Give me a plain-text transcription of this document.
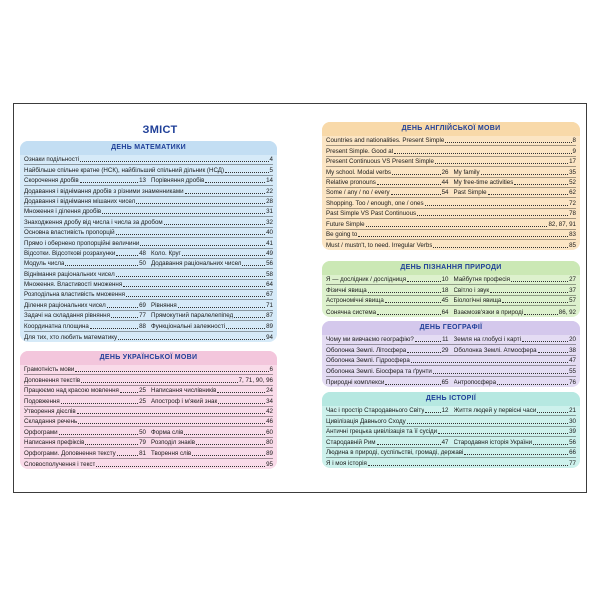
ЗМІСТ
ДЕНЬ МАТЕМАТИКИ
Ознаки подільності	4
Найбільше спільне кратне (НСК), найбільший спільний дільник (НСД)	5
Скорочення дробів	13 Порівняння дробів	14
Додавання і віднімання дробів з різними знаменниками	22
Додавання і віднімання мішаних чисел	28
Множення і ділення дробів	31
Знаходження дробу від числа і числа за дробом	32
Основна властивість пропорцій	40
Прямо і обернено пропорційні величини	41
Відсотки. Відсоткові розрахунки	48 Коло. Круг	49
Модуль числа	50 Додавання раціональних чисел	56
Віднімання раціональних чисел	58
Множення. Властивості множення	64
Розподільна властивість множення	67
Ділення раціональних чисел	69 Рівняння	71
Задачі на складання рівняння	77 Прямокутний паралелепіпед	87
Координатна площина	88 Функціональні залежності	89
Для тих, хто любить математику	94
ДЕНЬ УКРАЇНСЬКОЇ МОВИ
Грамотність мови	6
Доповнення текстів	7, 71, 90, 96
Працюємо над красою мовлення	25 Написання числівників	24
Подовження	25 Апостроф і м'який знак	34
Утворення дієслів	42
Складання речень	46
Орфограми	50 Форма слів	60
Написання префіксів	79 Розподіл знаків	80
Орфограми. Доповнення тексту	81 Творення слів	89
Словосполучення і текст	95
ДЕНЬ АНГЛІЙСЬКОЇ МОВИ
Countries and nationalities. Present Simple	8
Present Simple. Good at	9
Present Continuous VS Present Simple	17
My school. Modal verbs	26 My family	35
Relative pronouns	44 My free-time activities	52
Some / any / no / every	54 Past Simple	62
Shopping. Too / enough, one / ones	72
Past Simple VS Past Continuous	78
Future Simple	82, 87, 91
Be going to	83
Must / mustn't, to need. Irregular Verbs	85
ДЕНЬ ПІЗНАННЯ ПРИРОДИ
Я — дослідник / дослідниця	10 Майбутня професія	27
Фізичні явища	18 Світло і звук	37
Астрономічні явища	45 Біологічні явища	57
Сонячна система	64 Взаємозв'язки в природі	86, 92
ДЕНЬ ГЕОГРАФІЇ
Чому ми вивчаємо географію?	11 Земля на глобусі і карті	20
Оболонка Землі. Літосфера	29 Оболонка Землі. Атмосфера	38
Оболонка Землі. Гідросфера	47
Оболонка Землі. Біосфера та ґрунти	55
Природні комплекси	65 Антропосфера	76
ДЕНЬ ІСТОРІЇ
Час і простір Стародавнього Світу	12 Життя людей у первісні часи	21
Цивілізація Давнього Сходу	30
Античні грецька цивілізація та її сусіди	39
Стародавній Рим	47 Стародавня історія України	56
Людина в природі, суспільстві, громаді, державі	66
Я і моя історія	77
